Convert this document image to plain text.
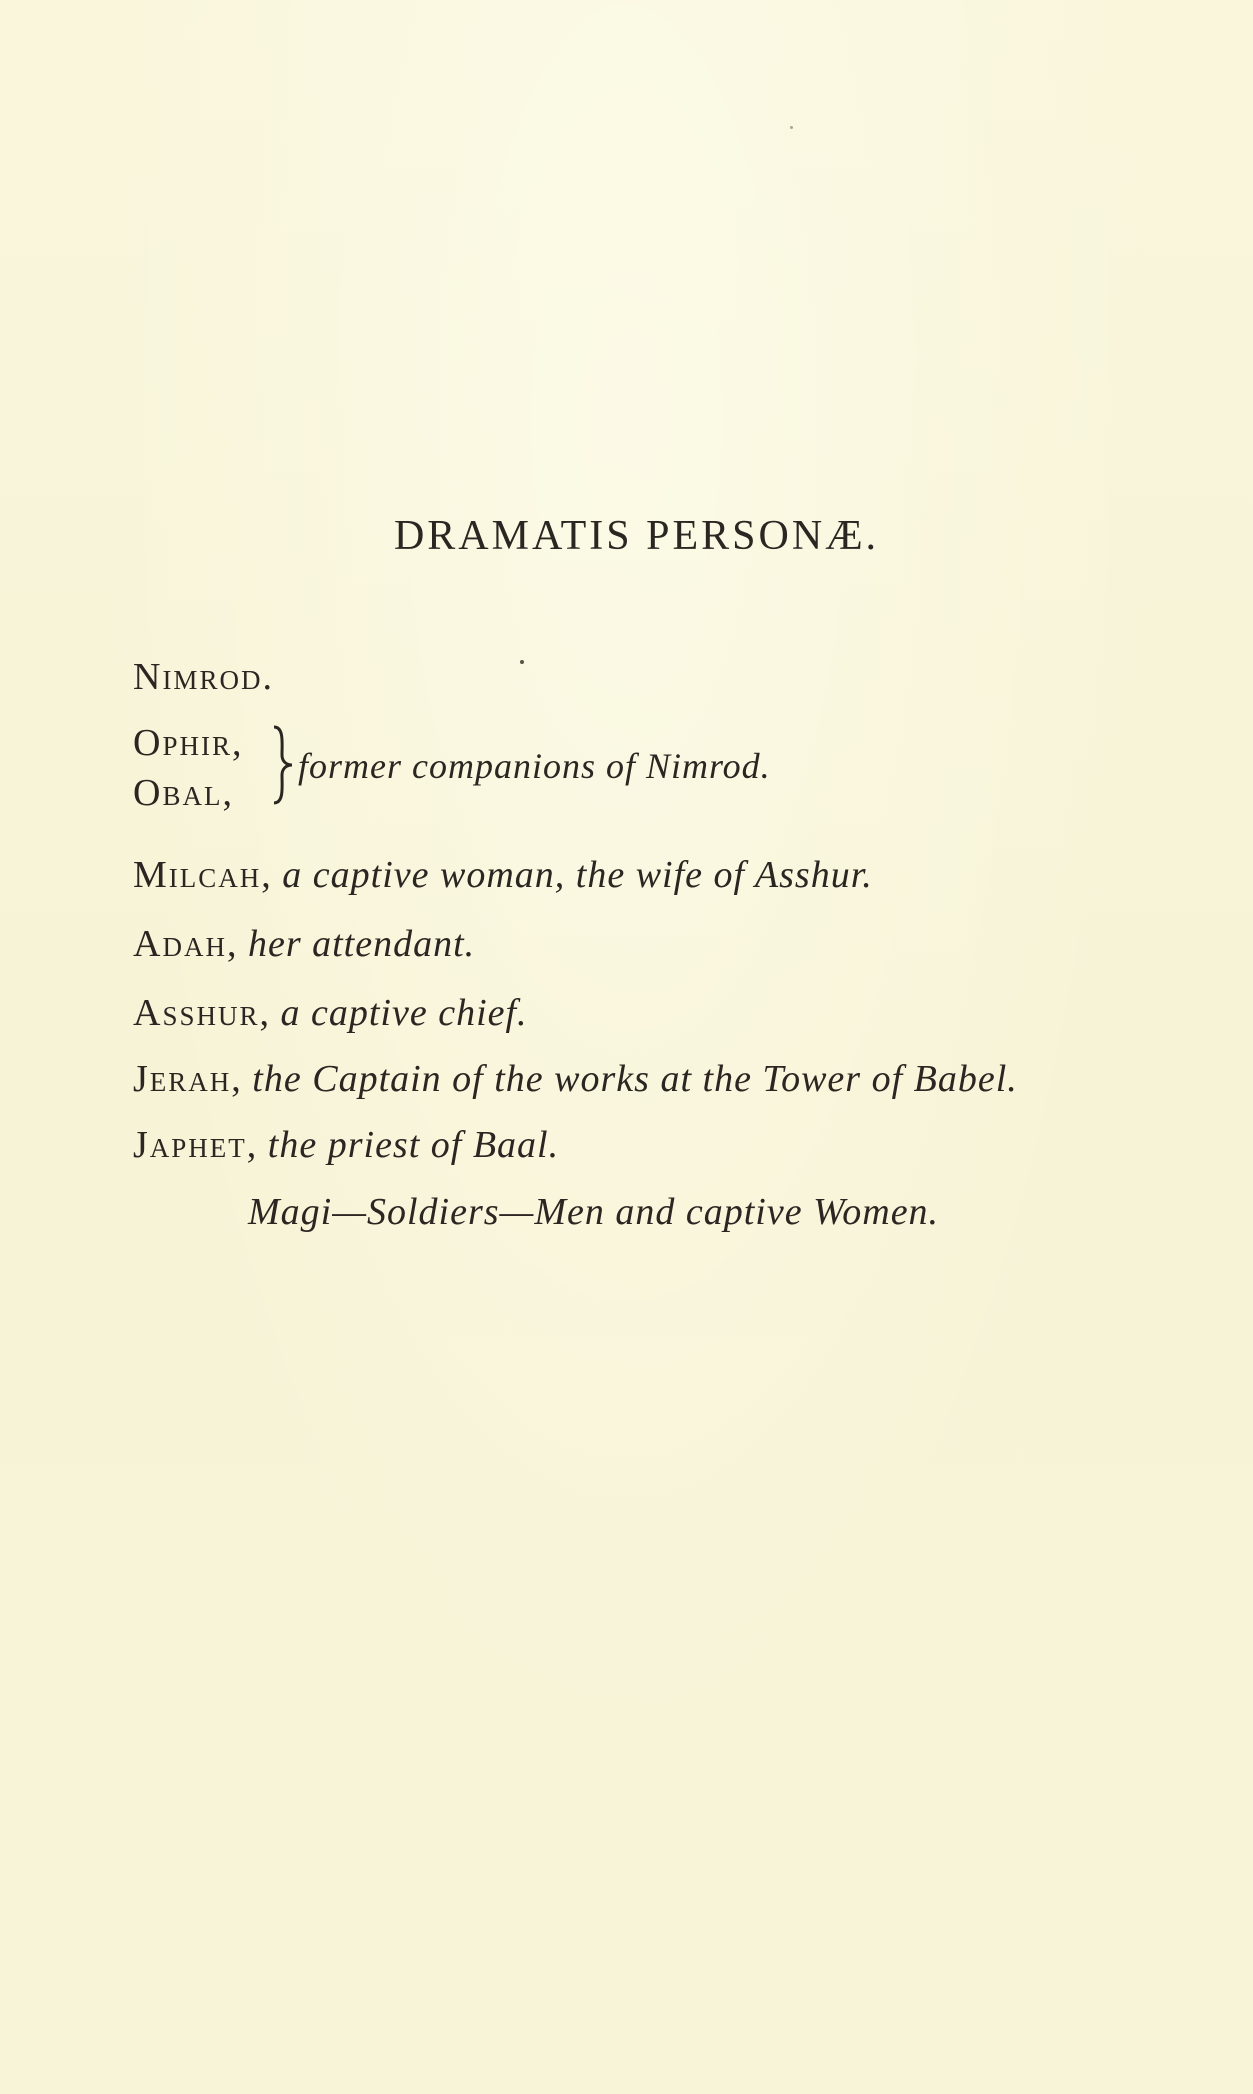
DRAMATIS PERSONÆ.
Nimrod.
Ophir,
Obal,
former companions of Nimrod.
Milcah, a captive woman, the wife of Asshur.
Adah, her attendant.
Asshur, a captive chief.
Jerah, the Captain of the works at the Tower of Babel.
Japhet, the priest of Baal.
Magi—Soldiers—Men and captive Women.
